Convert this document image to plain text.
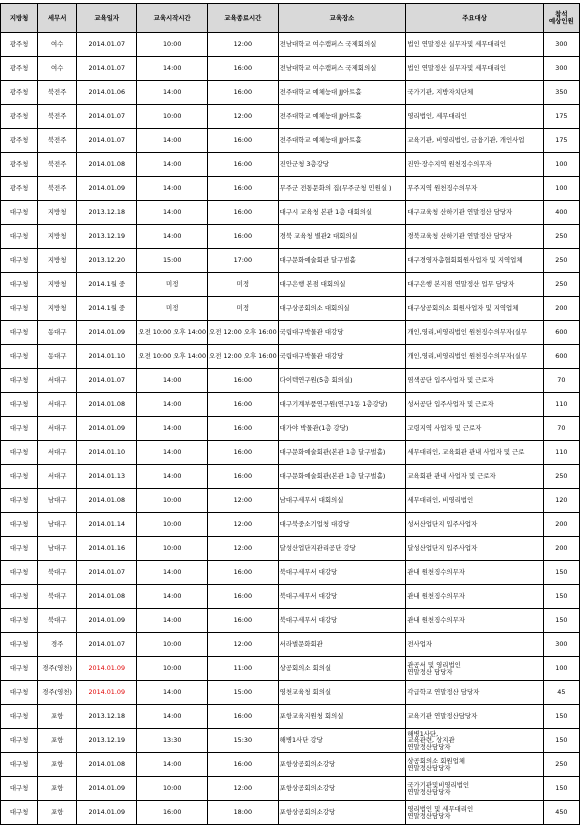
지방청	세무서	교육일자	교육시작시간	교육종료시간	교육장소	주요대상	참석
예상인원
광주청	여수	2014.01.07	10:00	12:00	전남대학교 여수캠퍼스 국제회의실	법인 연말정산 실무자및 세무대리인	300
광주청	여수	2014.01.07	14:00	16:00	전남대학교 여수캠퍼스 국제회의실	법인 연말정산 실무자및 세무대리인	300
광주청	북전주	2014.01.06	14:00	16:00	전주대학교 예체능대 JJ아트홀	국가기관, 지방자치단체	350
광주청	북전주	2014.01.07	10:00	12:00	전주대학교 예체능대 JJ아트홀	영리법인, 세무대리인	175
광주청	북전주	2014.01.07	14:00	16:00	전주대학교 예체능대 JJ아트홀	교육기관, 비영리법인, 금융기관, 개인사업	175
광주청	북전주	2014.01.08	14:00	16:00	진안군청 3층강당	진안·장수지역 원천징수의무자	100
광주청	북전주	2014.01.09	14:00	16:00	무주군 전통문화의 집(무주군청 민원실 )	무주지역 원천징수의무자	100
대구청	지방청	2013.12.18	14:00	16:00	대구시 교육청 본관 1층 대회의실	대구교육청 산하기관 연말정산 담당자	400
대구청	지방청	2013.12.19	14:00	16:00	경북 교육청 별관2 대회의실	경북교육청 산하기관 연말정산 담당자	250
대구청	지방청	2013.12.20	15:00	17:00	대구문화예술회관 달구벌홀	대구경영자총협회회원사업자 및 지역업체	250
대구청	지방청	2014.1월 중	미정	미정	대구은행 본점 대회의실	대구은행 본지점 연말정산 업무 담당자	250
대구청	지방청	2014.1월 중	미정	미정	대구상공회의소 대회의실	대구상공회의소 회원사업자 및 지역업체	200
대구청	동대구	2014.01.09	오전 10:00 오후 14:00	오전 12:00 오후 16:00	국립대구박물관 대강당	개인,영리,비영리법인 원천징수의무자(실무	600
대구청	동대구	2014.01.10	오전 10:00 오후 14:00	오전 12:00 오후 16:00	국립대구박물관 대강당	개인,영리,비영리법인 원천징수의무자(실무	600
대구청	서대구	2014.01.07	14:00	16:00	다이텍연구원(5층 회의실)	염색공단 입주사업자 및 근로자	70
대구청	서대구	2014.01.08	14:00	16:00	대구기계부품연구원(연구1동 1층강당)	성서공단 입주사업자 및 근로자	110
대구청	서대구	2014.01.09	14:00	16:00	대가야 박물관(1층 강당)	고령지역 사업자 및 근로자	70
대구청	서대구	2014.01.10	14:00	16:00	대구문화예술회관(본관 1층 달구벌홀)	세무대리인, 교육회관 관내 사업자 및 근로	110
대구청	서대구	2014.01.13	14:00	16:00	대구문화예술회관(본관 1층 달구벌홀)	교육회관 관내 사업자 및 근로자	250
대구청	남대구	2014.01.08	10:00	12:00	남대구세무서 대회의실	세무대리인, 비영리법인	120
대구청	남대구	2014.01.14	10:00	12:00	대구북중소기업청 대강당	성서산업단지 입주사업자	200
대구청	남대구	2014.01.16	10:00	12:00	달성산업단지관리공단 강당	달성산업단지 입주사업자	200
대구청	북대구	2014.01.07	14:00	16:00	북대구세무서 대강당	관내 원천징수의무자	150
대구청	북대구	2014.01.08	14:00	16:00	북대구세무서 대강당	관내 원천징수의무자	150
대구청	북대구	2014.01.09	14:00	16:00	북대구세무서 대강당	관내 원천징수의무자	150
대구청	경주	2014.01.07	10:00	12:00	서라벌문화회관	전사업자	300
대구청	경주(영천)	2014.01.09	10:00	11:00	상공회의소 회의실	관공서 및 영리법인
연말정산 담당자	100
대구청	경주(영천)	2014.01.09	14:00	15:00	영천교육청 회의실	각급학교 연말정산 담당자	45
대구청	포항	2013.12.18	14:00	16:00	포항교육지원청 회의실	교육기관 연말정산담당자	150
대구청	포항	2013.12.19	13:30	15:30	해병1사단 강당	해병1사단,
교육관련, 상지관
연말정산담당자	150
대구청	포항	2014.01.08	14:00	16:00	포항상공회의소강당	상공회의소 회원업체
연말정산담당자	250
대구청	포항	2014.01.09	10:00	12:00	포항상공회의소강당	국가기관및비영리법인
연말정산담당자	150
대구청	포항	2014.01.09	16:00	18:00	포항상공회의소강당	영리법인 및 세무대리인
연말정산담당자	450
